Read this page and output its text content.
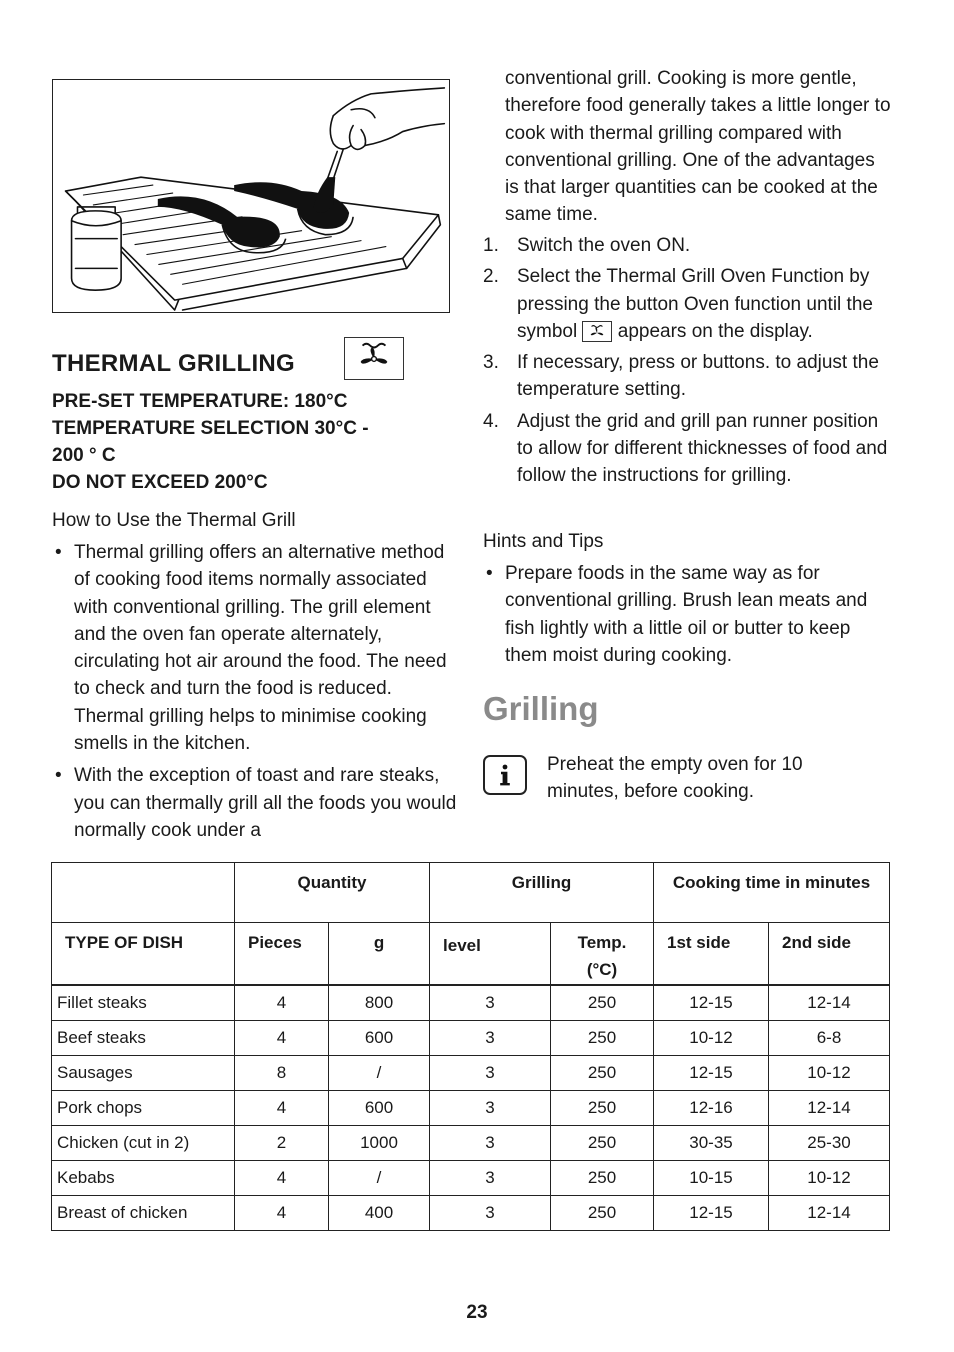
THERMAL GRILLING
PRE-SET TEMPERATURE: 180°C
TEMPERATURE SELECTION 30°C -
200 ° C
DO NOT EXCEED 200°C
How to Use the Thermal Grill
• Thermal grilling offers an alternative method of cooking food items normally associated with conventional grilling. The grill element and the oven fan operate alternately, circulating hot air around the food. The need to check and turn the food is reduced. Thermal grilling helps to minimise cooking smells in the kitchen.
• With the exception of toast and rare steaks, you can thermally grill all the foods you would normally cook under a
conventional grill. Cooking is more gentle, therefore food generally takes a little longer to cook with thermal grilling compared with conventional grilling. One of the advantages is that larger quantities can be cooked at the same time.
1. Switch the oven ON.
2. Select the Thermal Grill Oven Function by pressing the button Oven function until the symbol appears on the display.
3. If necessary, press or buttons. to adjust the temperature setting.
4. Adjust the grid and grill pan runner position to allow for different thicknesses of food and follow the instructions for grilling.
Hints and Tips
• Prepare foods in the same way as for conventional grilling. Brush lean meats and fish lightly with a little oil or butter to keep them moist during cooking.
Grilling
Preheat the empty oven for 10 minutes, before cooking.
	Quantity		Grilling		Cooking time in minutes	
TYPE OF DISH	Pieces	g	level	Temp. (°C)	1st side	2nd side
Fillet steaks	4	800	3	250	12-15	12-14
Beef steaks	4	600	3	250	10-12	6-8
Sausages	8	/	3	250	12-15	10-12
Pork chops	4	600	3	250	12-16	12-14
Chicken (cut in 2)	2	1000	3	250	30-35	25-30
Kebabs	4	/	3	250	10-15	10-12
Breast of chicken	4	400	3	250	12-15	12-14
23
